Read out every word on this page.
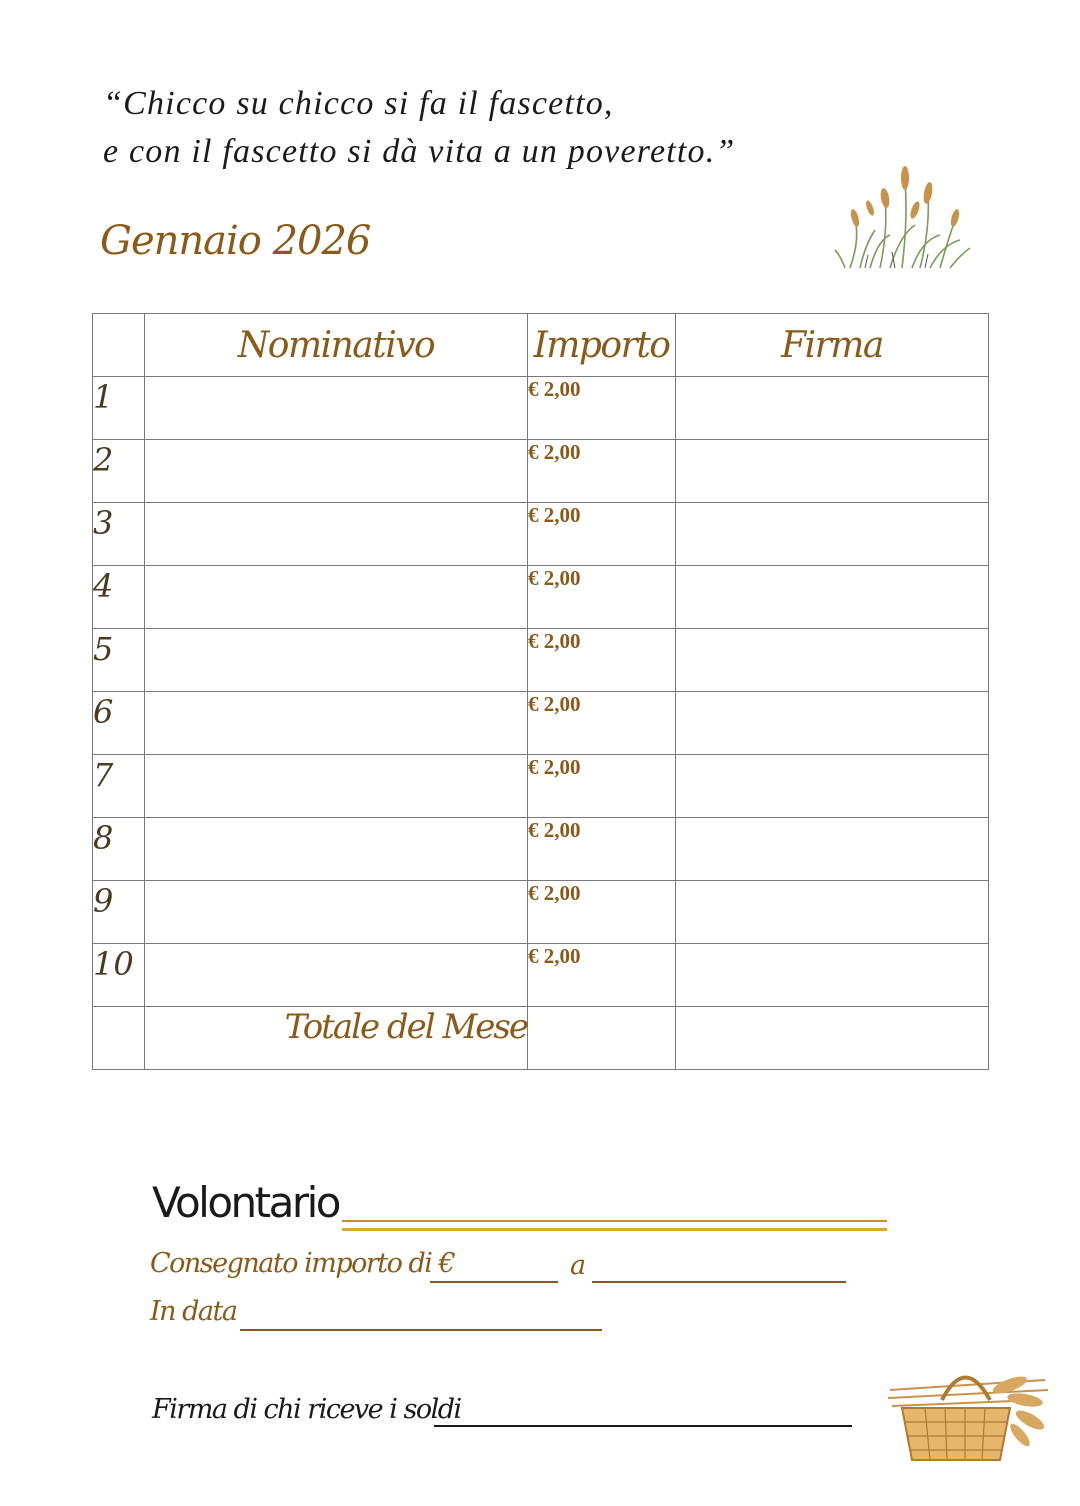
“Chicco su chicco si fa il fascetto,
e con il fascetto si dà vita a un poveretto.”
Gennaio 2026
	Nominativo	Importo	Firma
1		€ 2,00	
2		€ 2,00	
3		€ 2,00	
4		€ 2,00	
5		€ 2,00	
6		€ 2,00	
7		€ 2,00	
8		€ 2,00	
9		€ 2,00	
10		€ 2,00	
	Totale del Mese		
Volontario
Consegnato importo di €	a
In data
Firma di chi riceve i soldi
